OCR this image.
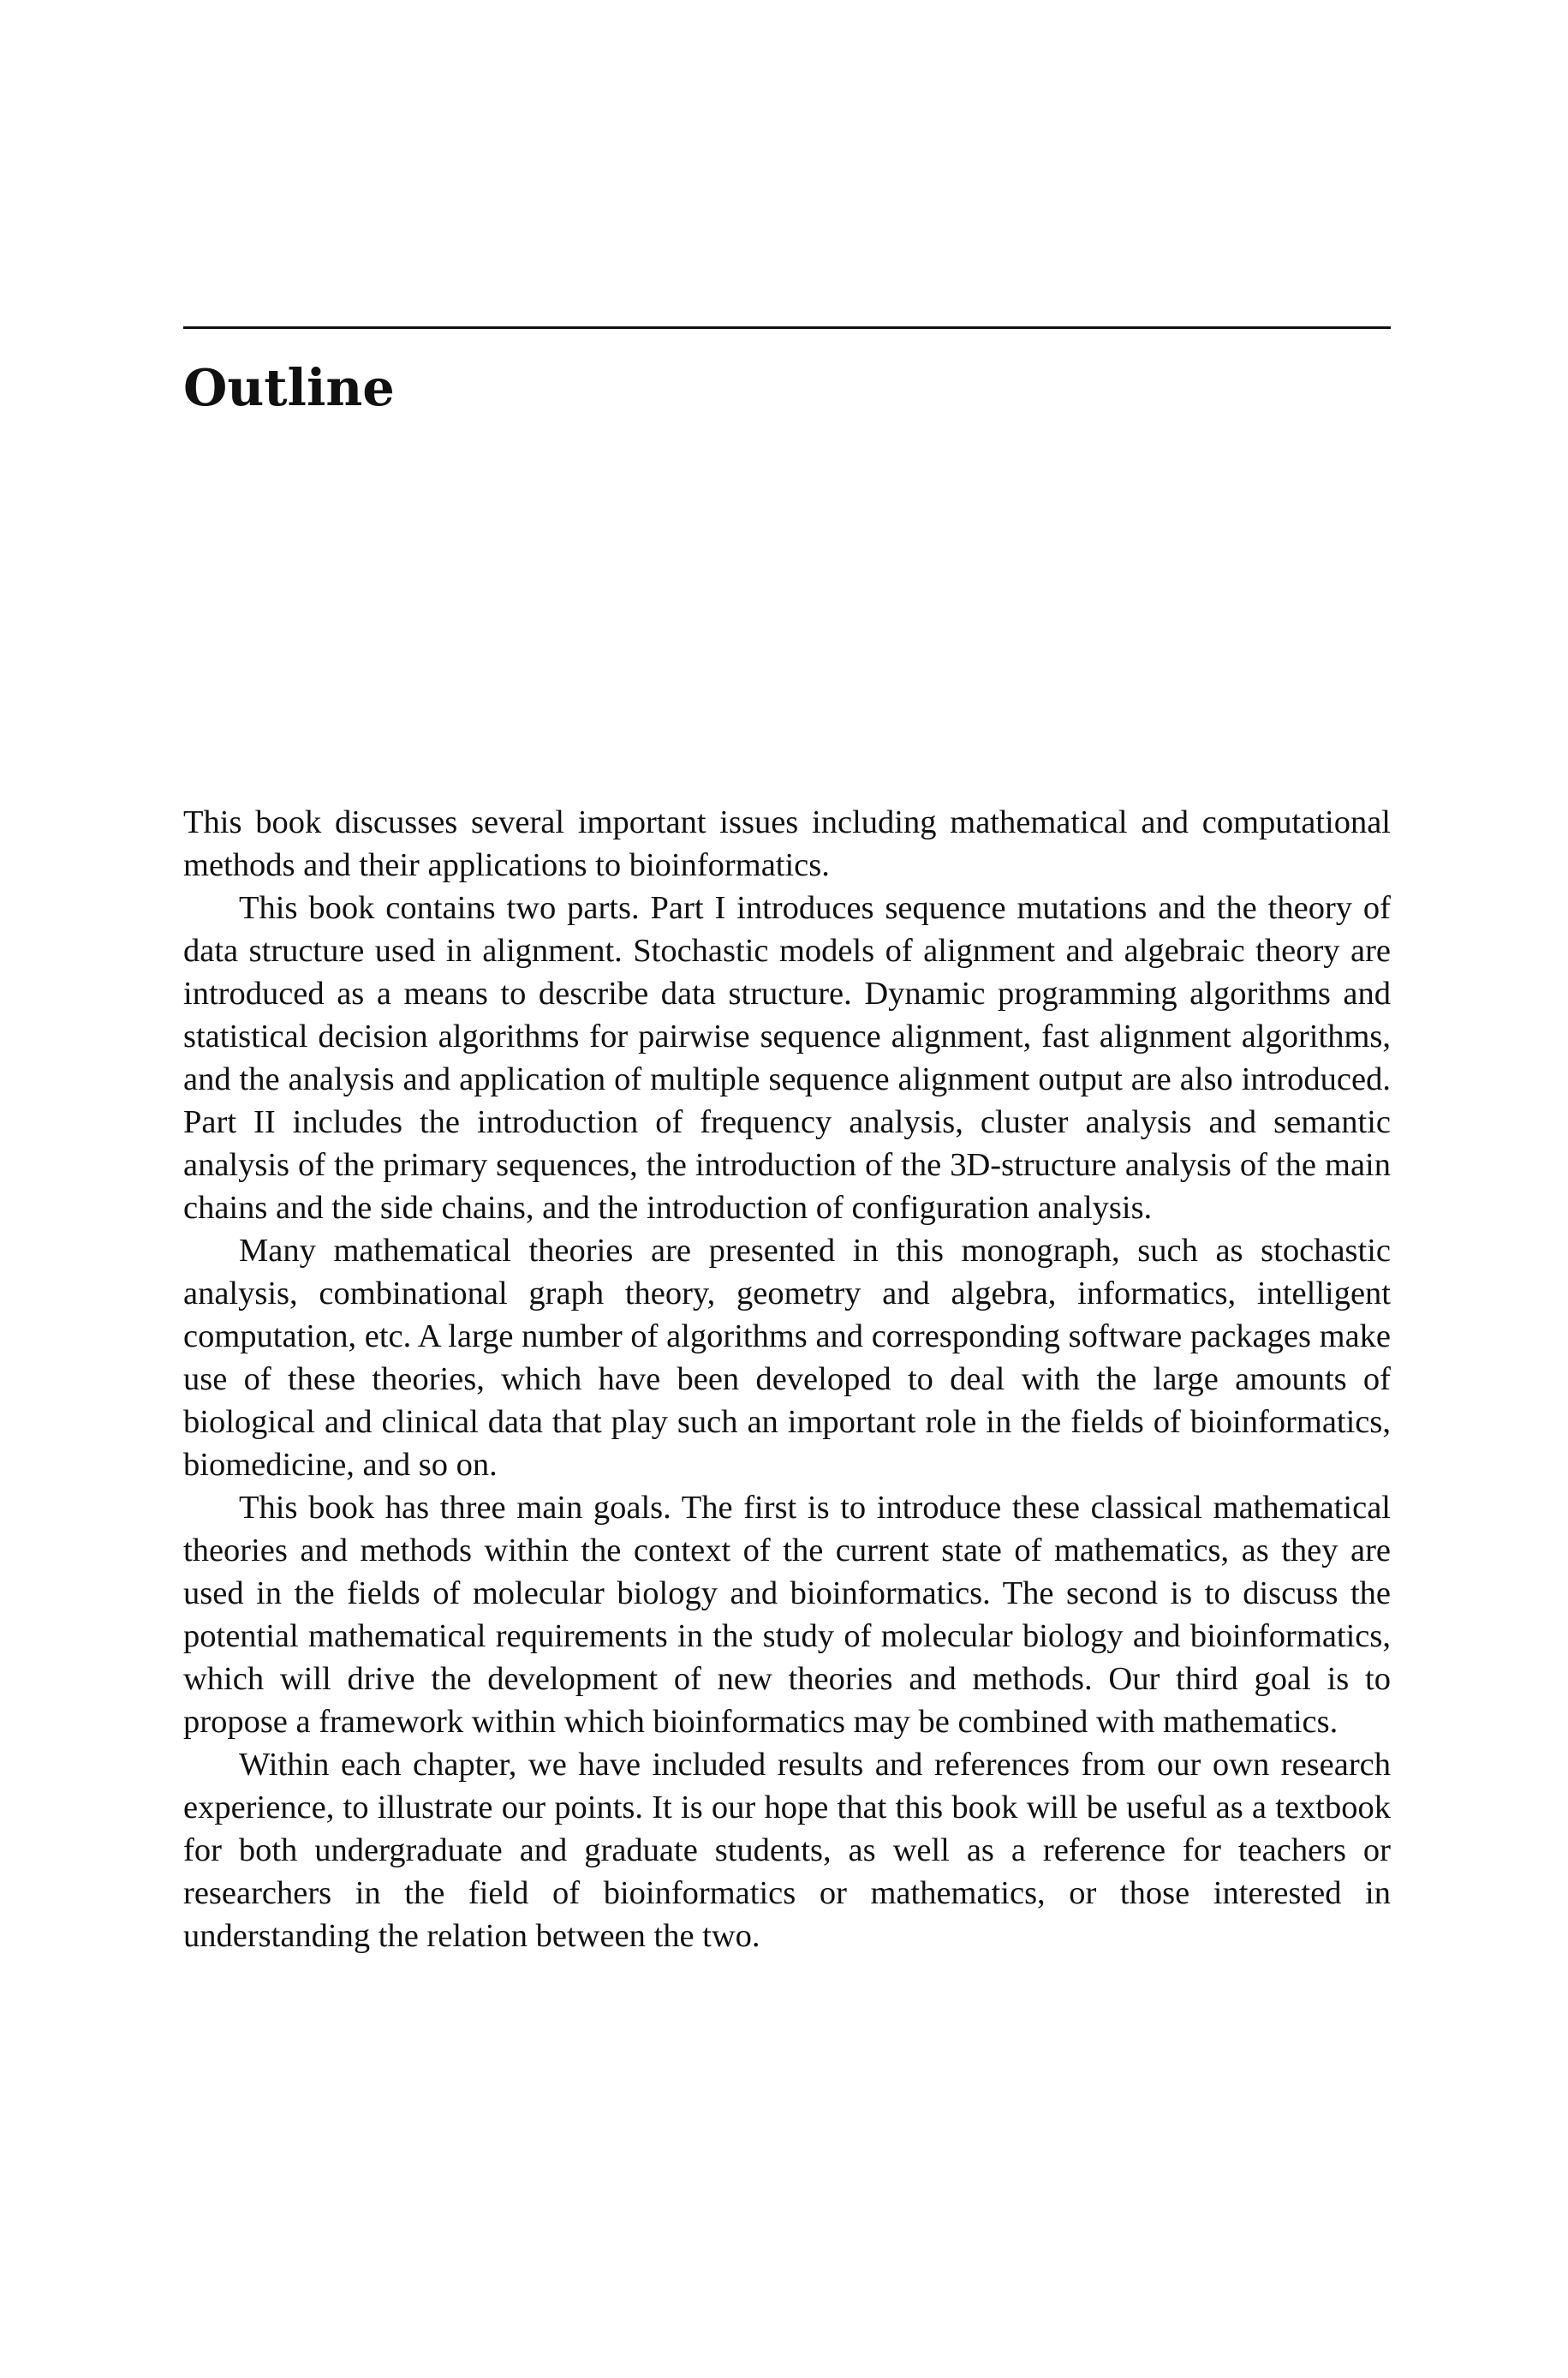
Outline

This book discusses several important issues including mathematical and computational methods and their applications to bioinformatics.

This book contains two parts. Part I introduces sequence mutations and the theory of data structure used in alignment. Stochastic models of alignment and algebraic theory are introduced as a means to describe data structure. Dynamic programming algorithms and statistical decision algorithms for pairwise sequence alignment, fast alignment algorithms, and the analysis and application of multiple sequence alignment output are also introduced. Part II includes the introduction of frequency analysis, cluster analysis and semantic analysis of the primary sequences, the introduction of the 3D-structure analysis of the main chains and the side chains, and the introduction of configuration analysis.

Many mathematical theories are presented in this monograph, such as stochastic analysis, combinational graph theory, geometry and algebra, informatics, intelligent computation, etc. A large number of algorithms and corresponding software packages make use of these theories, which have been developed to deal with the large amounts of biological and clinical data that play such an important role in the fields of bioinformatics, biomedicine, and so on.

This book has three main goals. The first is to introduce these classical mathematical theories and methods within the context of the current state of mathematics, as they are used in the fields of molecular biology and bioinformatics. The second is to discuss the potential mathematical requirements in the study of molecular biology and bioinformatics, which will drive the development of new theories and methods. Our third goal is to propose a framework within which bioinformatics may be combined with mathematics.

Within each chapter, we have included results and references from our own research experience, to illustrate our points. It is our hope that this book will be useful as a textbook for both undergraduate and graduate students, as well as a reference for teachers or researchers in the field of bioinformatics or mathematics, or those interested in understanding the relation between the two.
